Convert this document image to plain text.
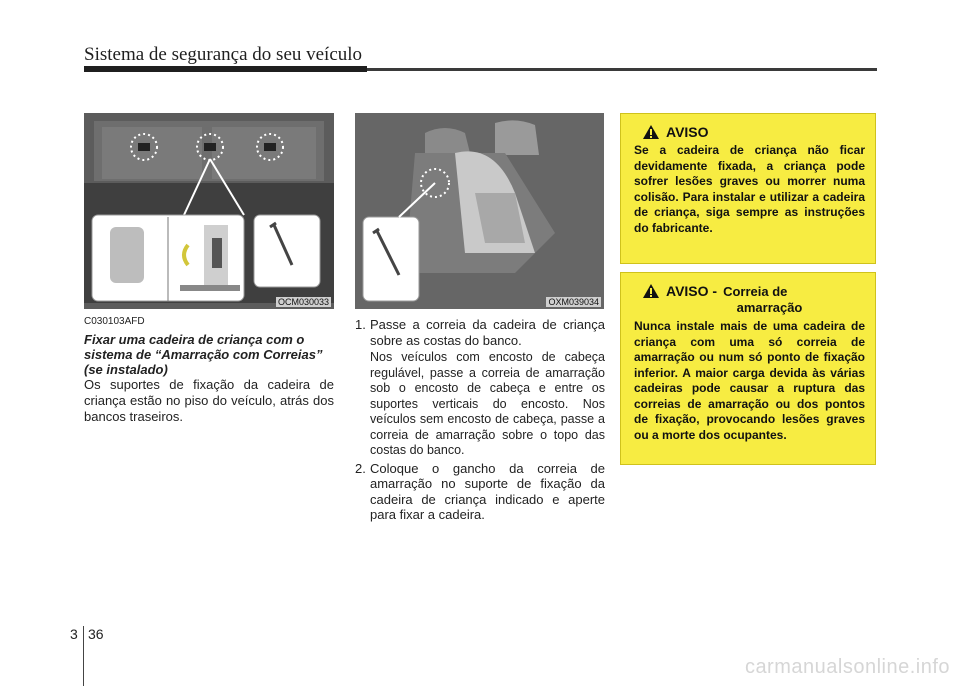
Sistema de segurança do seu veículo
OCM030033	OXM039034
C030103AFD
Fixar uma cadeira de criança com o sistema de “Amarração com Correias” (se instalado)
Os suportes de fixação da cadeira de criança estão no piso do veículo, atrás dos bancos traseiros.
1. Passe a correia da cadeira de criança sobre as costas do banco.
Nos veículos com encosto de cabeça regulável, passe a correia de amarração sob o encosto de cabeça e entre os suportes verticais do encosto. Nos veículos sem encosto de cabeça, passe a correia de amarração sobre o topo das costas do banco.
2. Coloque o gancho da correia de amarração no suporte de fixação da cadeira de criança indicado e aperte para fixar a cadeira.
AVISO
Se a cadeira de criança não ficar devidamente fixada, a criança pode sofrer lesões graves ou morrer numa colisão. Para instalar e utilizar a cadeira de criança, siga sempre as instruções do fabricante.
AVISO - Correia de
amarração
Nunca instale mais de uma cadeira de criança com uma só correia de amarração ou num só ponto de fixação inferior. A maior carga devida às várias cadeiras pode causar a ruptura das correias de amarração ou dos pontos de fixação, provocando lesões graves ou a morte dos ocupantes.
3 36
carmanualsonline.info
